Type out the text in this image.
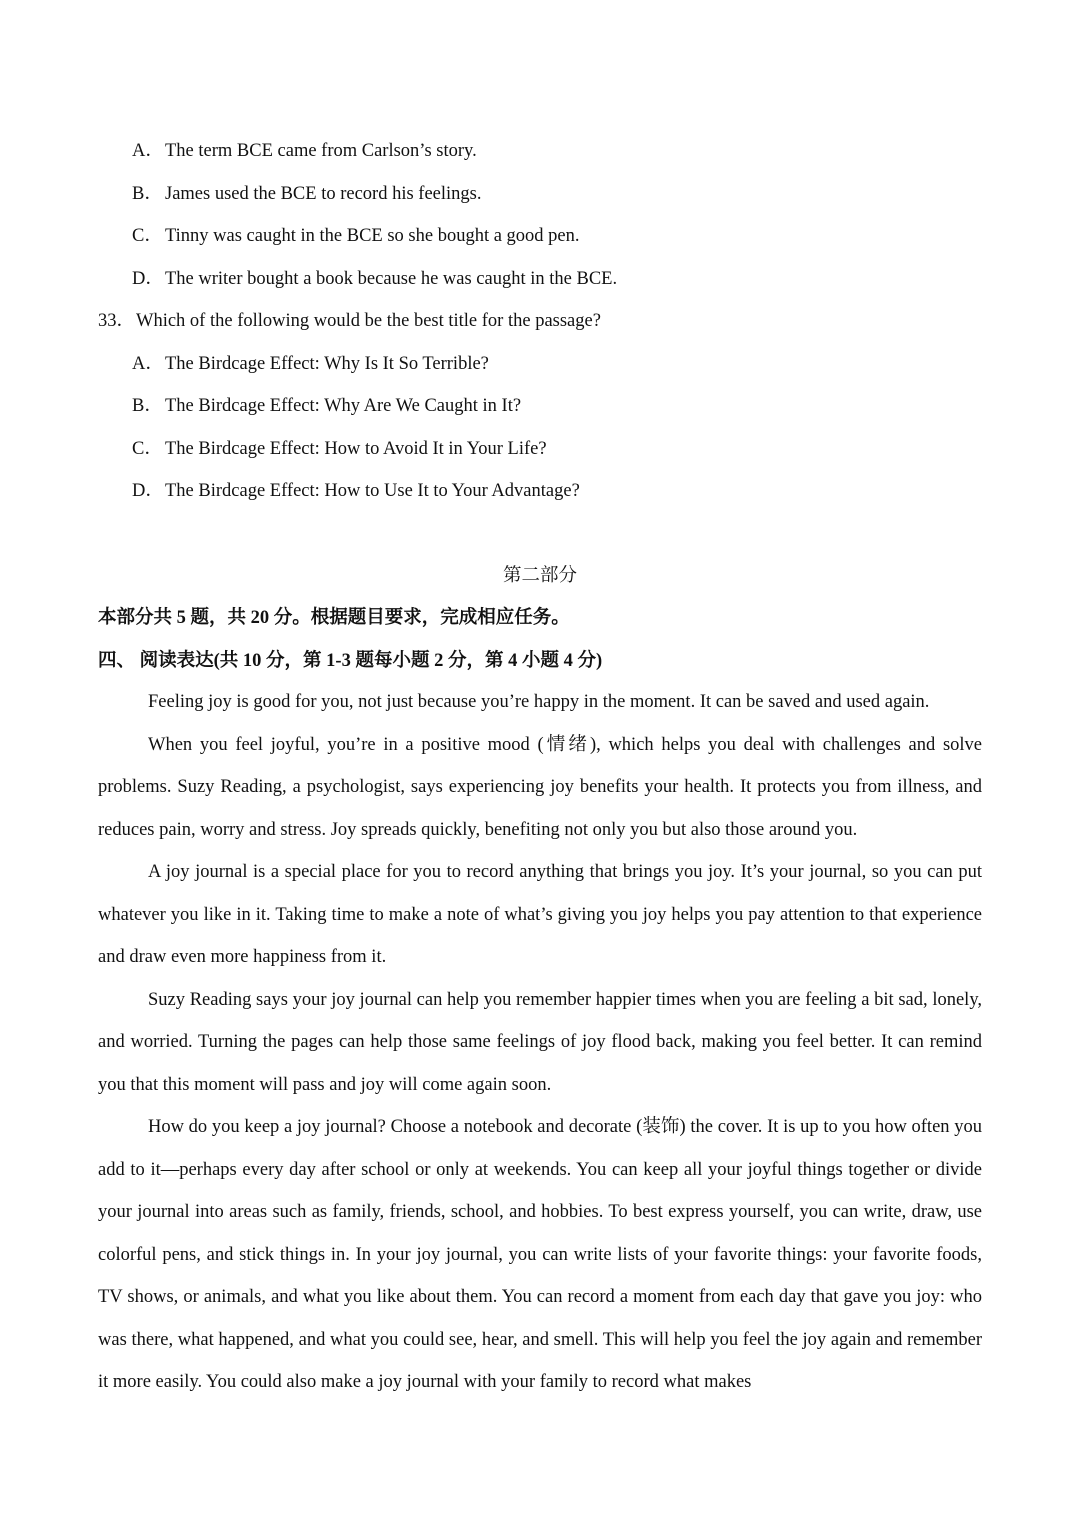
A．The term BCE came from Carlson’s story.
B． James used the BCE to record his feelings.
C． Tinny was caught in the BCE so she bought a good pen.
D．The writer bought a book because he was caught in the BCE.
33．Which of the following would be the best title for the passage?
A．The Birdcage Effect: Why Is It So Terrible?
B． The Birdcage Effect: Why Are We Caught in It?
C． The Birdcage Effect: How to Avoid It in Your Life?
D．The Birdcage Effect: How to Use It to Your Advantage?
第二部分
本部分共 5 题，共 20 分。根据题目要求，完成相应任务。
四、 阅读表达(共 10 分，第 1-3 题每小题 2 分，第 4 小题 4 分)

Feeling joy is good for you, not just because you’re happy in the moment. It can be saved and used again.

When you feel joyful, you’re in a positive mood (情绪), which helps you deal with challenges and solve problems. Suzy Reading, a psychologist, says experiencing joy benefits your health. It protects you from illness, and reduces pain, worry and stress. Joy spreads quickly, benefiting not only you but also those around you.

A joy journal is a special place for you to record anything that brings you joy. It’s your journal, so you can put whatever you like in it. Taking time to make a note of what’s giving you joy helps you pay attention to that experience and draw even more happiness from it.

Suzy Reading says your joy journal can help you remember happier times when you are feeling a bit sad, lonely, and worried. Turning the pages can help those same feelings of joy flood back, making you feel better. It can remind you that this moment will pass and joy will come again soon.

How do you keep a joy journal? Choose a notebook and decorate (装饰) the cover. It is up to you how often you add to it—perhaps every day after school or only at weekends. You can keep all your joyful things together or divide your journal into areas such as family, friends, school, and hobbies. To best express yourself, you can write, draw, use colorful pens, and stick things in. In your joy journal, you can write lists of your favorite things: your favorite foods, TV shows, or animals, and what you like about them. You can record a moment from each day that gave you joy: who was there, what happened, and what you could see, hear, and smell. This will help you feel the joy again and remember it more easily. You could also make a joy journal with your family to record what makes
